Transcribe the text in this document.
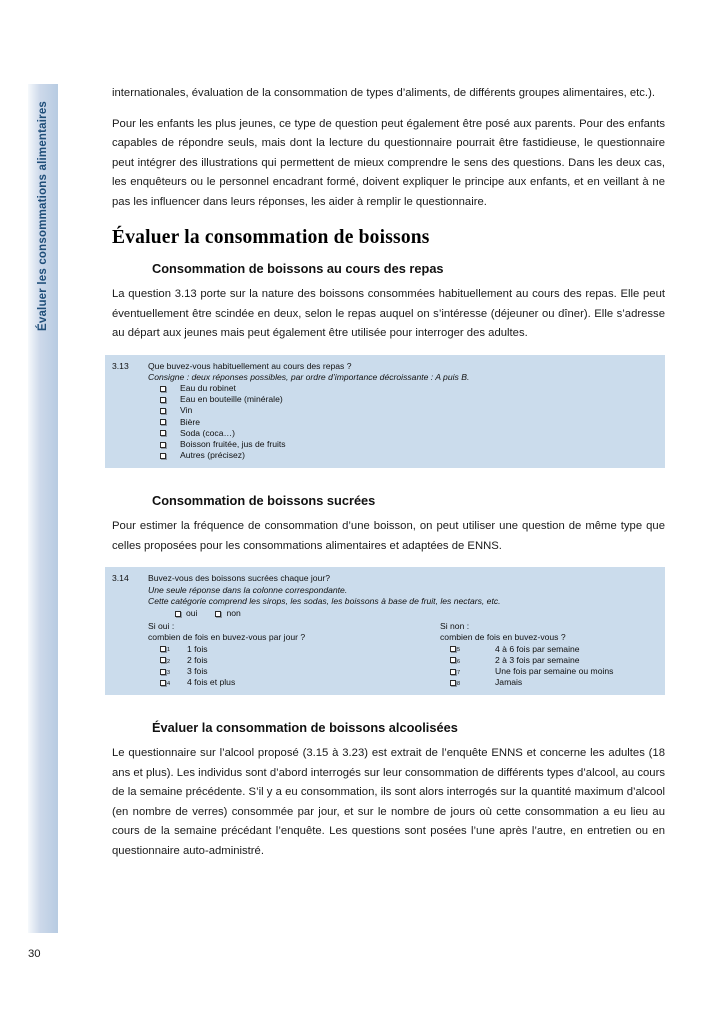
Évaluer les consommations alimentaires

internationales, évaluation de la consommation de types d’aliments, de différents groupes alimentaires, etc.).

Pour les enfants les plus jeunes, ce type de question peut également être posé aux parents. Pour des enfants capables de répondre seuls, mais dont la lecture du questionnaire pourrait être fastidieuse, le questionnaire peut intégrer des illustrations qui permettent de mieux comprendre le sens des questions. Dans les deux cas, les enquêteurs ou le personnel encadrant formé, doivent expliquer le principe aux enfants, et en veillant à ne pas les influencer dans leurs réponses, les aider à remplir le questionnaire.

Évaluer la consommation de boissons
Consommation de boissons au cours des repas

La question 3.13 porte sur la nature des boissons consommées habituellement au cours des repas. Elle peut éventuellement être scindée en deux, selon le repas auquel on s’intéresse (déjeuner ou dîner). Elle s’adresse au départ aux jeunes mais peut également être utilisée pour interroger des adultes.

3.13	Que buvez-vous habituellement au cours des repas ?
Consigne : deux réponses possibles, par ordre d’importance décroissante : A puis B.
Eau du robinet
Eau en bouteille (minérale)
Vin
Bière
Soda (coca…)
Boisson fruitée, jus de fruits
Autres (précisez)
Consommation de boissons sucrées

Pour estimer la fréquence de consommation d’une boisson, on peut utiliser une question de même type que celles proposées pour les consommations alimentaires et adaptées de ENNS.

3.14	Buvez-vous des boissons sucrées chaque jour?
Une seule réponse dans la colonne correspondante.
Cette catégorie comprend les sirops, les sodas, les boissons à base de fruit, les nectars, etc.
oui	non
Si oui :
combien de fois en buvez-vous par jour ?
$_1$	1 fois
$_2$	2 fois
$_3$	3 fois
$_4$	4 fois et plus
Si non :
combien de fois en buvez-vous ?
$_5$	4 à 6 fois par semaine
$_6$	2 à 3 fois par semaine
$_7$	Une fois par semaine ou moins
$_8$	Jamais
Évaluer la consommation de boissons alcoolisées

Le questionnaire sur l’alcool proposé (3.15 à 3.23) est extrait de l’enquête ENNS et concerne les adultes (18 ans et plus). Les individus sont d’abord interrogés sur leur consommation de différents types d’alcool, au cours de la semaine précédente. S’il y a eu consommation, ils sont alors interrogés sur la quantité maximum d’alcool (en nombre de verres) consommée par jour, et sur le nombre de jours où cette consommation a eu lieu au cours de la semaine précédant l’enquête. Les questions sont posées l’une après l’autre, en entretien ou en questionnaire auto-administré.

30
